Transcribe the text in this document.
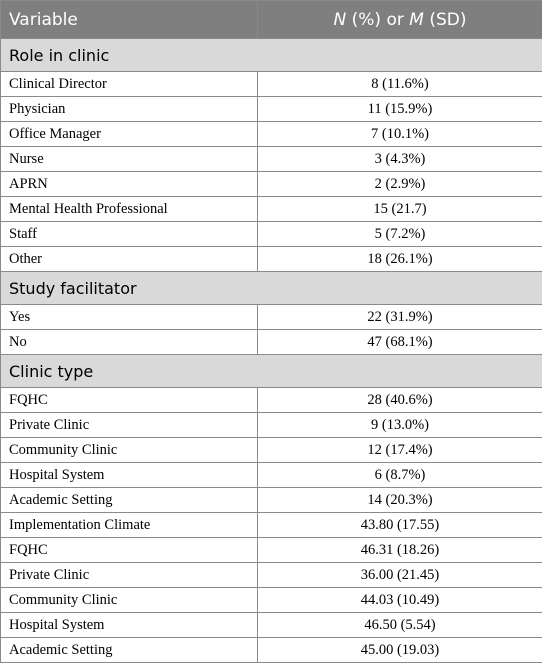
Variable	N (%) or M (SD)
Role in clinic	
Clinical Director	8 (11.6%)
Physician	11 (15.9%)
Office Manager	7 (10.1%)
Nurse	3 (4.3%)
APRN	2 (2.9%)
Mental Health Professional	15 (21.7)
Staff	5 (7.2%)
Other	18 (26.1%)
Study facilitator	
Yes	22 (31.9%)
No	47 (68.1%)
Clinic type	
FQHC	28 (40.6%)
Private Clinic	9 (13.0%)
Community Clinic	12 (17.4%)
Hospital System	6 (8.7%)
Academic Setting	14 (20.3%)
Implementation Climate	43.80 (17.55)
FQHC	46.31 (18.26)
Private Clinic	36.00 (21.45)
Community Clinic	44.03 (10.49)
Hospital System	46.50 (5.54)
Academic Setting	45.00 (19.03)
